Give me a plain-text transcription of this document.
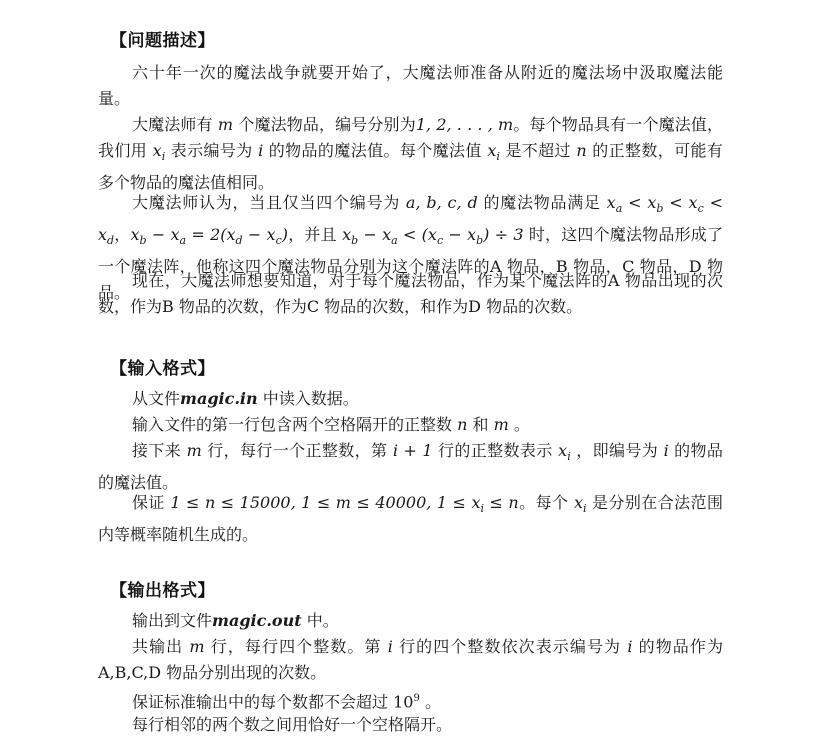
【问题描述】
六十年一次的魔法战争就要开始了，大魔法师准备从附近的魔法场中汲取魔法能量。
大魔法师有 m 个魔法物品，编号分别为1, 2, . . . , m。每个物品具有一个魔法值，我们用 $x_i$ 表示编号为 i 的物品的魔法值。每个魔法值 $x_i$ 是不超过 n 的正整数，可能有多个物品的魔法值相同。
大魔法师认为，当且仅当四个编号为 a, b, c, d 的魔法物品满足 $x_a < x_b < x_c < x_d$，$x_b - x_a = 2(x_d - x_c)$，并且 $x_b - x_a < (x_c - x_b) \div 3$ 时，这四个魔法物品形成了一个魔法阵，他称这四个魔法物品分别为这个魔法阵的A 物品，B 物品，C 物品，D 物品。
现在，大魔法师想要知道，对于每个魔法物品，作为某个魔法阵的A 物品出现的次数，作为B 物品的次数，作为C 物品的次数，和作为D 物品的次数。
【输入格式】
从文件magic.in 中读入数据。
输入文件的第一行包含两个空格隔开的正整数 n 和 m 。
接下来 m 行，每行一个正整数，第 i + 1 行的正整数表示 $x_i$ ，即编号为 i 的物品的魔法值。
保证 1 ≤ n ≤ 15000, 1 ≤ m ≤ 40000, $1 \le x_i \le n$。每个 $x_i$ 是分别在合法范围内等概率随机生成的。
【输出格式】
输出到文件magic.out 中。
共输出 m 行，每行四个整数。第 i 行的四个整数依次表示编号为 i 的物品作为A,B,C,D 物品分别出现的次数。
保证标准输出中的每个数都不会超过 $10^9$ 。
每行相邻的两个数之间用恰好一个空格隔开。
